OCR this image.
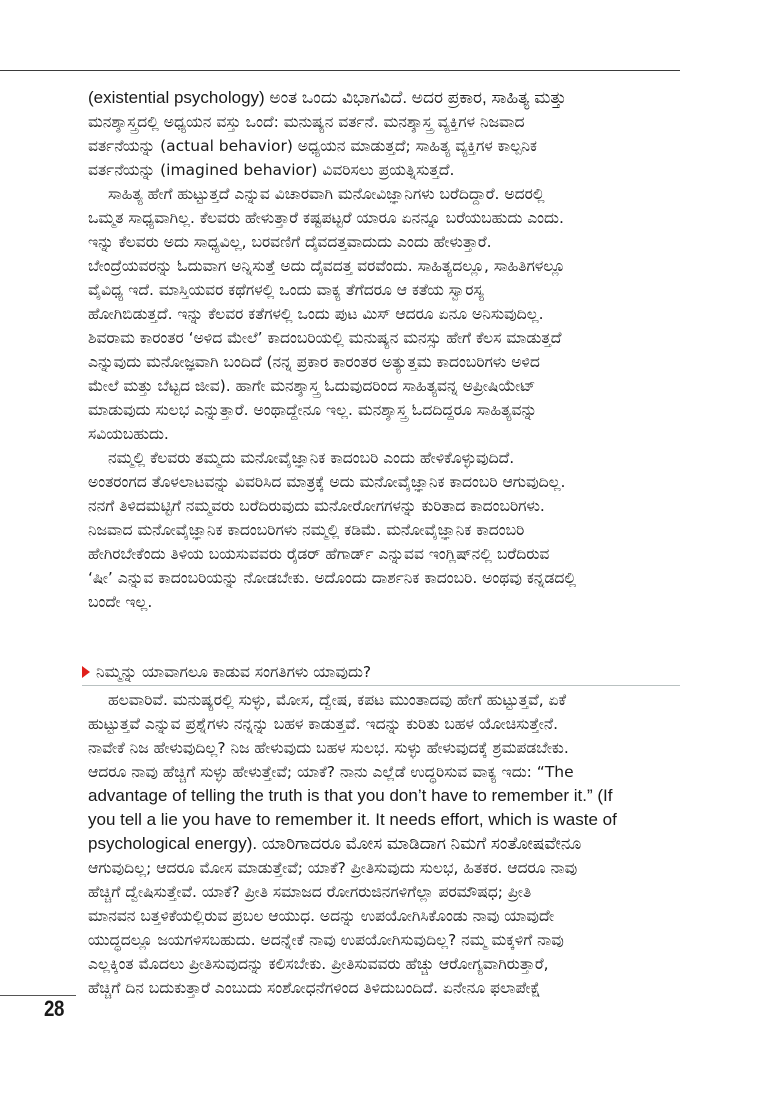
(existential psychology) ಅಂತ ಒಂದು ವಿಭಾಗವಿದೆ. ಅದರ ಪ್ರಕಾರ, ಸಾಹಿತ್ಯ ಮತ್ತು
ಮನಶ್ಶಾಸ್ತ್ರದಲ್ಲಿ ಅಧ್ಯಯನ ವಸ್ತು ಒಂದೆ: ಮನುಷ್ಯನ ವರ್ತನೆ. ಮನಶ್ಶಾಸ್ತ್ರ ವ್ಯಕ್ತಿಗಳ ನಿಜವಾದ
ವರ್ತನೆಯನ್ನು (actual behavior) ಅಧ್ಯಯನ ಮಾಡುತ್ತದೆ; ಸಾಹಿತ್ಯ ವ್ಯಕ್ತಿಗಳ ಕಾಲ್ಪನಿಕ
ವರ್ತನೆಯನ್ನು (imagined behavior) ವಿವರಿಸಲು ಪ್ರಯತ್ನಿಸುತ್ತದೆ.
ಸಾಹಿತ್ಯ ಹೇಗೆ ಹುಟ್ಟುತ್ತದೆ ಎನ್ನುವ ವಿಚಾರವಾಗಿ ಮನೋವಿಜ್ಞಾನಿಗಳು ಬರೆದಿದ್ದಾರೆ. ಅದರಲ್ಲಿ
ಒಮ್ಮತ ಸಾಧ್ಯವಾಗಿಲ್ಲ. ಕೆಲವರು ಹೇಳುತ್ತಾರೆ ಕಷ್ಟಪಟ್ಟರೆ ಯಾರೂ ಏನನ್ನೂ ಬರೆಯಬಹುದು ಎಂದು.
ಇನ್ನು ಕೆಲವರು ಅದು ಸಾಧ್ಯವಿಲ್ಲ, ಬರವಣಿಗೆ ದೈವದತ್ತವಾದುದು ಎಂದು ಹೇಳುತ್ತಾರೆ.
ಬೇಂದ್ರೆಯವರನ್ನು ಓದುವಾಗ ಅನ್ನಿಸುತ್ತೆ ಅದು ದೈವದತ್ತ ವರವೆಂದು. ಸಾಹಿತ್ಯದಲ್ಲೂ, ಸಾಹಿತಿಗಳಲ್ಲೂ
ವೈವಿಧ್ಯ ಇದೆ. ಮಾಸ್ತಿಯವರ ಕಥೆಗಳಲ್ಲಿ ಒಂದು ವಾಕ್ಯ ತೆಗೆದರೂ ಆ ಕತೆಯ ಸ್ವಾರಸ್ಯ
ಹೋಗಿಬಿಡುತ್ತದೆ. ಇನ್ನು ಕೆಲವರ ಕತೆಗಳಲ್ಲಿ ಒಂದು ಪುಟ ಮಿಸ್ ಆದರೂ ಏನೂ ಅನಿಸುವುದಿಲ್ಲ.
ಶಿವರಾಮ ಕಾರಂತರ ‘ಅಳಿದ ಮೇಲೆ’ ಕಾದಂಬರಿಯಲ್ಲಿ ಮನುಷ್ಯನ ಮನಸ್ಸು ಹೇಗೆ ಕೆಲಸ ಮಾಡುತ್ತದೆ
ಎನ್ನುವುದು ಮನೋಜ್ಞವಾಗಿ ಬಂದಿದೆ (ನನ್ನ ಪ್ರಕಾರ ಕಾರಂತರ ಅತ್ಯುತ್ತಮ ಕಾದಂಬರಿಗಳು ಅಳಿದ
ಮೇಲೆ ಮತ್ತು ಬೆಟ್ಟದ ಜೀವ). ಹಾಗೇ ಮನಶ್ಶಾಸ್ತ್ರ ಓದುವುದರಿಂದ ಸಾಹಿತ್ಯವನ್ನ ಅಪ್ರೀಷಿಯೇಟ್
ಮಾಡುವುದು ಸುಲಭ ಎನ್ನುತ್ತಾರೆ. ಅಂಥಾದ್ದೇನೂ ಇಲ್ಲ. ಮನಶ್ಶಾಸ್ತ್ರ ಓದದಿದ್ದರೂ ಸಾಹಿತ್ಯವನ್ನು
ಸವಿಯಬಹುದು.
ನಮ್ಮಲ್ಲಿ ಕೆಲವರು ತಮ್ಮದು ಮನೋವೈಜ್ಞಾನಿಕ ಕಾದಂಬರಿ ಎಂದು ಹೇಳಿಕೊಳ್ಳುವುದಿದೆ.
ಅಂತರಂಗದ ತೊಳಲಾಟವನ್ನು ವಿವರಿಸಿದ ಮಾತ್ರಕ್ಕೆ ಅದು ಮನೋವೈಜ್ಞಾನಿಕ ಕಾದಂಬರಿ ಆಗುವುದಿಲ್ಲ.
ನನಗೆ ತಿಳಿದಮಟ್ಟಿಗೆ ನಮ್ಮವರು ಬರೆದಿರುವುದು ಮನೋರೋಗಗಳನ್ನು ಕುರಿತಾದ ಕಾದಂಬರಿಗಳು.
ನಿಜವಾದ ಮನೋವೈಜ್ಞಾನಿಕ ಕಾದಂಬರಿಗಳು ನಮ್ಮಲ್ಲಿ ಕಡಿಮೆ. ಮನೋವೈಜ್ಞಾನಿಕ ಕಾದಂಬರಿ
ಹೇಗಿರಬೇಕೆಂದು ತಿಳಿಯ ಬಯಸುವವರು ರೈಡರ್ ಹೆಗಾರ್ಡ್ ಎನ್ನುವವ ಇಂಗ್ಲಿಷ್‌ನಲ್ಲಿ ಬರೆದಿರುವ
‘ಷೀ’ ಎನ್ನುವ ಕಾದಂಬರಿಯನ್ನು ನೋಡಬೇಕು. ಅದೊಂದು ದಾರ್ಶನಿಕ ಕಾದಂಬರಿ. ಅಂಥವು ಕನ್ನಡದಲ್ಲಿ
ಬಂದೇ ಇಲ್ಲ.
ನಿಮ್ಮನ್ನು ಯಾವಾಗಲೂ ಕಾಡುವ ಸಂಗತಿಗಳು ಯಾವುದು?
ಹಲವಾರಿವೆ. ಮನುಷ್ಯರಲ್ಲಿ ಸುಳ್ಳು, ಮೋಸ, ದ್ವೇಷ, ಕಪಟ ಮುಂತಾದವು ಹೇಗೆ ಹುಟ್ಟುತ್ತವೆ, ಏಕೆ
ಹುಟ್ಟುತ್ತವೆ ಎನ್ನುವ ಪ್ರಶ್ನೆಗಳು ನನ್ನನ್ನು ಬಹಳ ಕಾಡುತ್ತವೆ. ಇದನ್ನು ಕುರಿತು ಬಹಳ ಯೋಚಿಸುತ್ತೇನೆ.
ನಾವೇಕೆ ನಿಜ ಹೇಳುವುದಿಲ್ಲ? ನಿಜ ಹೇಳುವುದು ಬಹಳ ಸುಲಭ. ಸುಳ್ಳು ಹೇಳುವುದಕ್ಕೆ ಶ್ರಮಪಡಬೇಕು.
ಆದರೂ ನಾವು ಹೆಚ್ಚಿಗೆ ಸುಳ್ಳು ಹೇಳುತ್ತೇವೆ; ಯಾಕೆ? ನಾನು ಎಲ್ಲೆಡೆ ಉದ್ಧರಿಸುವ ವಾಕ್ಯ ಇದು: “The
advantage of telling the truth is that you don’t have to remember it.” (If
you tell a lie you have to remember it. It needs effort, which is waste of
psychological energy). ಯಾರಿಗಾದರೂ ಮೋಸ ಮಾಡಿದಾಗ ನಿಮಗೆ ಸಂತೋಷವೇನೂ
ಆಗುವುದಿಲ್ಲ; ಆದರೂ ಮೋಸ ಮಾಡುತ್ತೇವೆ; ಯಾಕೆ? ಪ್ರೀತಿಸುವುದು ಸುಲಭ, ಹಿತಕರ. ಆದರೂ ನಾವು
ಹೆಚ್ಚಿಗೆ ದ್ವೇಷಿಸುತ್ತೇವೆ. ಯಾಕೆ? ಪ್ರೀತಿ ಸಮಾಜದ ರೋಗರುಜಿನಗಳಿಗೆಲ್ಲಾ ಪರಮೌಷಧ; ಪ್ರೀತಿ
ಮಾನವನ ಬತ್ತಳಿಕೆಯಲ್ಲಿರುವ ಪ್ರಬಲ ಆಯುಧ. ಅದನ್ನು ಉಪಯೋಗಿಸಿಕೊಂಡು ನಾವು ಯಾವುದೇ
ಯುದ್ಧದಲ್ಲೂ ಜಯಗಳಿಸಬಹುದು. ಅದನ್ನೇಕೆ ನಾವು ಉಪಯೋಗಿಸುವುದಿಲ್ಲ? ನಮ್ಮ ಮಕ್ಕಳಿಗೆ ನಾವು
ಎಲ್ಲಕ್ಕಿಂತ ಮೊದಲು ಪ್ರೀತಿಸುವುದನ್ನು ಕಲಿಸಬೇಕು. ಪ್ರೀತಿಸುವವರು ಹೆಚ್ಚು ಆರೋಗ್ಯವಾಗಿರುತ್ತಾರೆ,
ಹೆಚ್ಚಿಗೆ ದಿನ ಬದುಕುತ್ತಾರೆ ಎಂಬುದು ಸಂಶೋಧನೆಗಳಿಂದ ತಿಳಿದುಬಂದಿದೆ. ಏನೇನೂ ಫಲಾಪೇಕ್ಷೆ
28
